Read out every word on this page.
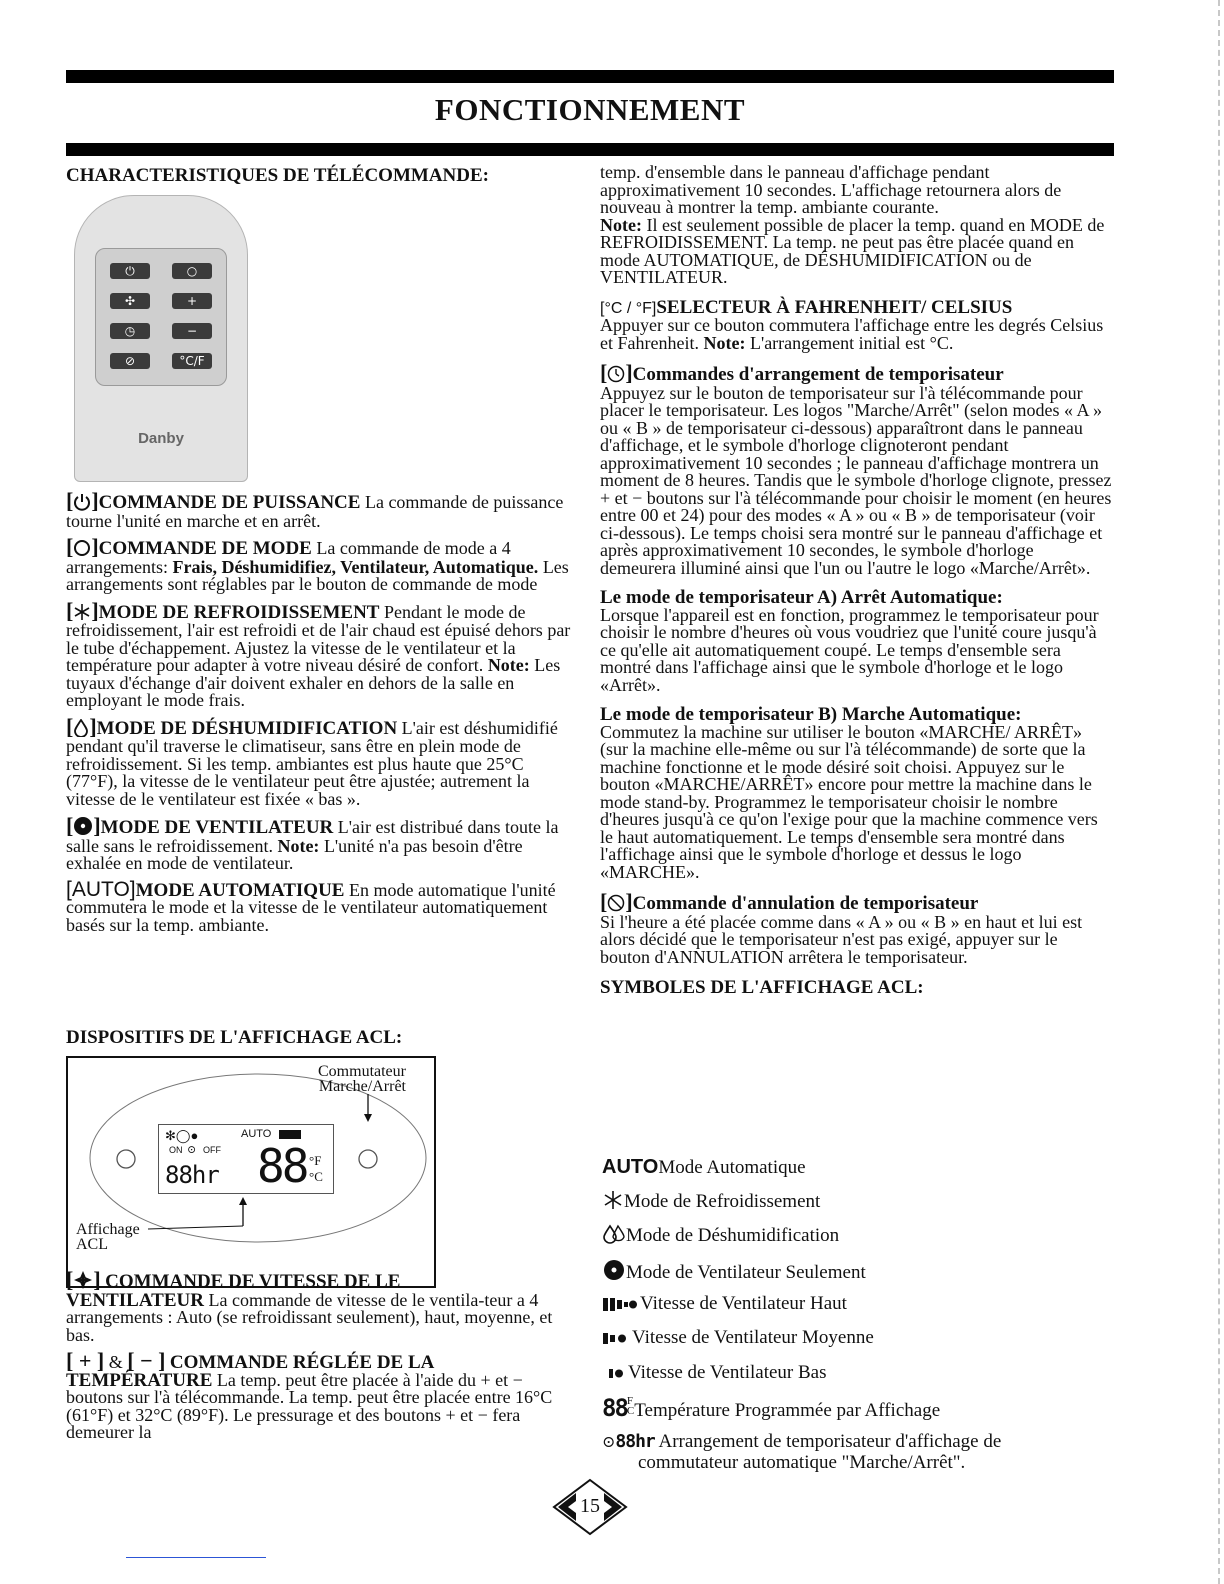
FONCTIONNEMENT
CHARACTERISTIQUES DE TÉLÉCOMMANDE:
⏻	○
✣	+
◷	−
⊘	°C/F
Danby

[ ]COMMANDE DE PUISSANCE La commande de puissance tourne l'unité en marche et en arrêt.

[ ]COMMANDE DE MODE La commande de mode a 4 arrangements: Frais, Déshumidifiez, Ventilateur, Automatique. Les arrangements sont réglables par le bouton de commande de mode

[ ]MODE DE REFROIDISSEMENT Pendant le mode de refroidissement, l'air est refroidi et de l'air chaud est épuisé dehors par le tube d'échappement. Ajustez la vitesse de le ventilateur et la température pour adapter à votre niveau désiré de confort. Note: Les tuyaux d'échange d'air doivent exhaler en dehors de la salle en employant le mode frais.

[ ]MODE DE DÉSHUMIDIFICATION L'air est déshumidifié pendant qu'il traverse le climatiseur, sans être en plein mode de refroidissement. Si les temp. ambiantes est plus haute que 25°C (77°F), la vitesse de le ventilateur peut être ajustée; autrement la vitesse de le ventilateur est fixée « bas ».

[ ]MODE DE VENTILATEUR L'air est distribué dans toute la salle sans le refroidissement. Note: L'unité n'a pas besoin d'être exhalée en mode de ventilateur.

[AUTO]MODE AUTOMATIQUE En mode automatique l'unité commutera le mode et la vitesse de le ventilateur automatiquement basés sur la temp. ambiante.

DISPOSITIFS DE L'AFFICHAGE ACL:
Commutateur
Marche/Arrêt
Affichage
ACL
✻◯●	AUTO
ON ⊙ OFF
88hr 88 °F
°C

[ ] COMMANDE DE VITESSE DE LE
VENTILATEUR La commande de vitesse de le ventila-teur a 4 arrangements : Auto (se refroidissant seulement), haut, moyenne, et bas.

[ + ] & [ − ] COMMANDE RÉGLÉE DE LA
TEMPÉRATURE La temp. peut être placée à l'aide du + et − boutons sur l'à télécommande. La temp. peut être placée entre 16°C (61°F) et 32°C (89°F). Le pressurage et des boutons + et − fera demeurer la

temp. d'ensemble dans le panneau d'affichage pendant approximativement 10 secondes. L'affichage retournera alors de nouveau à montrer la temp. ambiante courante.
Note: Il est seulement possible de placer la temp. quand en MODE de REFROIDISSEMENT. La temp. ne peut pas être placée quand en mode AUTOMATIQUE, de DÉSHUMIDIFICATION ou de VENTILATEUR.

[°C / °F]SELECTEUR À FAHRENHEIT/ CELSIUS
Appuyer sur ce bouton commutera l'affichage entre les degrés Celsius et Fahrenheit. Note: L'arrangement initial est °C.

[ ]Commandes d'arrangement de temporisateur
Appuyez sur le bouton de temporisateur sur l'à télécommande pour placer le temporisateur. Les logos "Marche/Arrêt" (selon modes « A » ou « B » de temporisateur ci-dessous) apparaîtront dans le panneau d'affichage, et le symbole d'horloge clignoteront pendant approximativement 10 secondes ; le panneau d'affichage montrera un moment de 8 heures. Tandis que le symbole d'horloge clignote, pressez + et − boutons sur l'à télécommande pour choisir le moment (en heures entre 00 et 24) pour des modes « A » ou « B » de temporisateur (voir ci-dessous). Le temps choisi sera montré sur le panneau d'affichage et après approximativement 10 secondes, le symbole d'horloge demeurera illuminé ainsi que l'un ou l'autre le logo «Marche/Arrêt».

Le mode de temporisateur A) Arrêt Automatique:
Lorsque l'appareil est en fonction, programmez le temporisateur pour choisir le nombre d'heures où vous voudriez que l'unité coure jusqu'à ce qu'elle ait automatiquement coupé. Le temps d'ensemble sera montré dans l'affichage ainsi que le symbole d'horloge et le logo «Arrêt».

Le mode de temporisateur B) Marche Automatique:
Commutez la machine sur utiliser le bouton «MARCHE/ ARRÊT» (sur la machine elle-même ou sur l'à télécommande) de sorte que la machine fonctionne et le mode désiré soit choisi. Appuyez sur le bouton «MARCHE/ARRÊT» encore pour mettre la machine dans le mode stand-by. Programmez le temporisateur choisir le nombre d'heures jusqu'à ce qu'on l'exige pour que la machine commence vers le haut automatiquement. Le temps d'ensemble sera montré dans l'affichage ainsi que le symbole d'horloge et dessus le logo «MARCHE».

[ ]Commande d'annulation de temporisateur
Si l'heure a été placée comme dans « A » ou « B » en haut et lui est alors décidé que le temporisateur n'est pas exigé, appuyer sur le bouton d'ANNULATION arrêtera le temporisateur.

SYMBOLES DE L'AFFICHAGE ACL:

AUTOMode Automatique
Mode de Refroidissement
Mode de Déshumidification
Mode de Ventilateur Seulement
Vitesse de Ventilateur Haut
Vitesse de Ventilateur Moyenne
Vitesse de Ventilateur Bas
88F
CTempérature Programmée par Affichage
⊙88hr Arrangement de temporisateur d'affichage de
commutateur automatique "Marche/Arrêt".
15
